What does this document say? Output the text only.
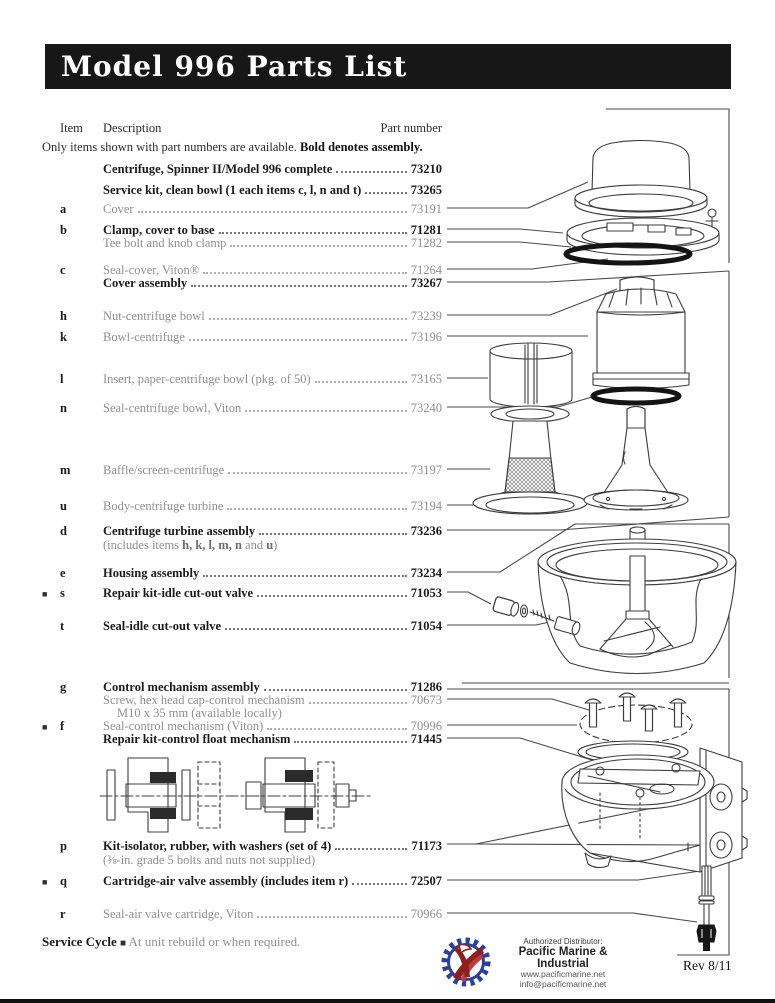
Model 996 Parts List
Item Description	Part number
Only items shown with part numbers are available. Bold denotes assembly.
Centrifuge, Spinner II/Model 996 complete	73210
Service kit, clean bowl (1 each items c, l, n and t)	73265
a	Cover	73191
b	Clamp, cover to base	71281
Tee bolt and knob clamp	71282
c	Seal-cover, Viton®	71264
Cover assembly	73267
h	Nut-centrifuge bowl	73239
k	Bowl-centrifuge	73196
l	Insert, paper-centrifuge bowl (pkg. of 50)	73165
n	Seal-centrifuge bowl, Viton	73240
m	Baffle/screen-centrifuge	73197
u	Body-centrifuge turbine	73194
d	Centrifuge turbine assembly	73236
(includes items h, k, l, m, n and u)
e	Housing assembly	73234
■	s	Repair kit-idle cut-out valve	71053
t	Seal-idle cut-out valve	71054
g	Control mechanism assembly	71286
Screw, hex head cap-control mechanism	70673
M10 x 35 mm (available locally)
■	f	Seal-control mechanism (Viton)	70996
Repair kit-control float mechanism	71445
p	Kit-isolator, rubber, with washers (set of 4)	71173
(⅜-in. grade 5 bolts and nuts not supplied)
■	q	Cartridge-air valve assembly (includes item r)	72507
r	Seal-air valve cartridge, Viton	70966
Service Cycle ■ At unit rebuild or when required.	Authorized Distributor:
Pacific Marine & Industrial
www.pacificmarine.net
info@pacificmarine.net
Rev 8/11
